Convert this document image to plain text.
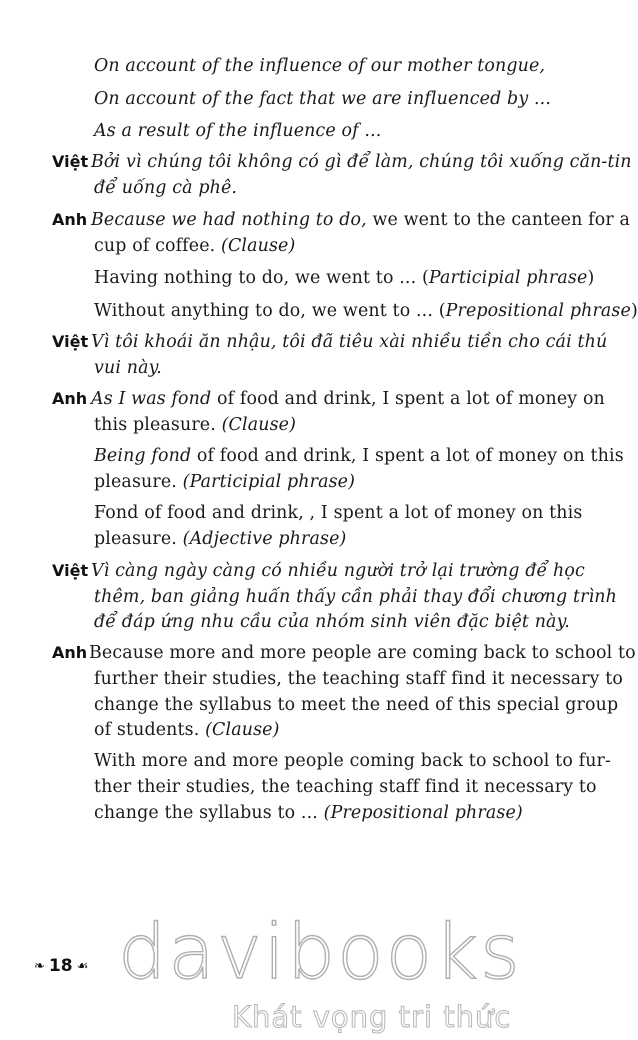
On account of the influence of our mother tongue,
On account of the fact that we are influenced by ...
As a result of the influence of ...
Việt Bởi vì chúng tôi không có gì để làm, chúng tôi xuống căn-tin
để uống cà phê.
Anh Because we had nothing to do, we went to the canteen for a
cup of coffee. (Clause)
Having nothing to do, we went to ... (Participial phrase)
Without anything to do, we went to ... (Prepositional phrase)
Việt Vì tôi khoái ăn nhậu, tôi đã tiêu xài nhiều tiền cho cái thú
vui này.
Anh As I was fond of food and drink, I spent a lot of money on
this pleasure. (Clause)
Being fond of food and drink, I spent a lot of money on this
pleasure. (Participial phrase)
Fond of food and drink, , I spent a lot of money on this
pleasure. (Adjective phrase)
Việt Vì càng ngày càng có nhiều người trở lại trường để học
thêm, ban giảng huấn thấy cần phải thay đổi chương trình
để đáp ứng nhu cầu của nhóm sinh viên đặc biệt này.
Anh Because more and more people are coming back to school to
further their studies, the teaching staff find it necessary to
change the syllabus to meet the need of this special group
of students. (Clause)
With more and more people coming back to school to fur-
ther their studies, the teaching staff find it necessary to
change the syllabus to ... (Prepositional phrase)
❧ 18 ☙ davibooks
Khát vọng tri thức
